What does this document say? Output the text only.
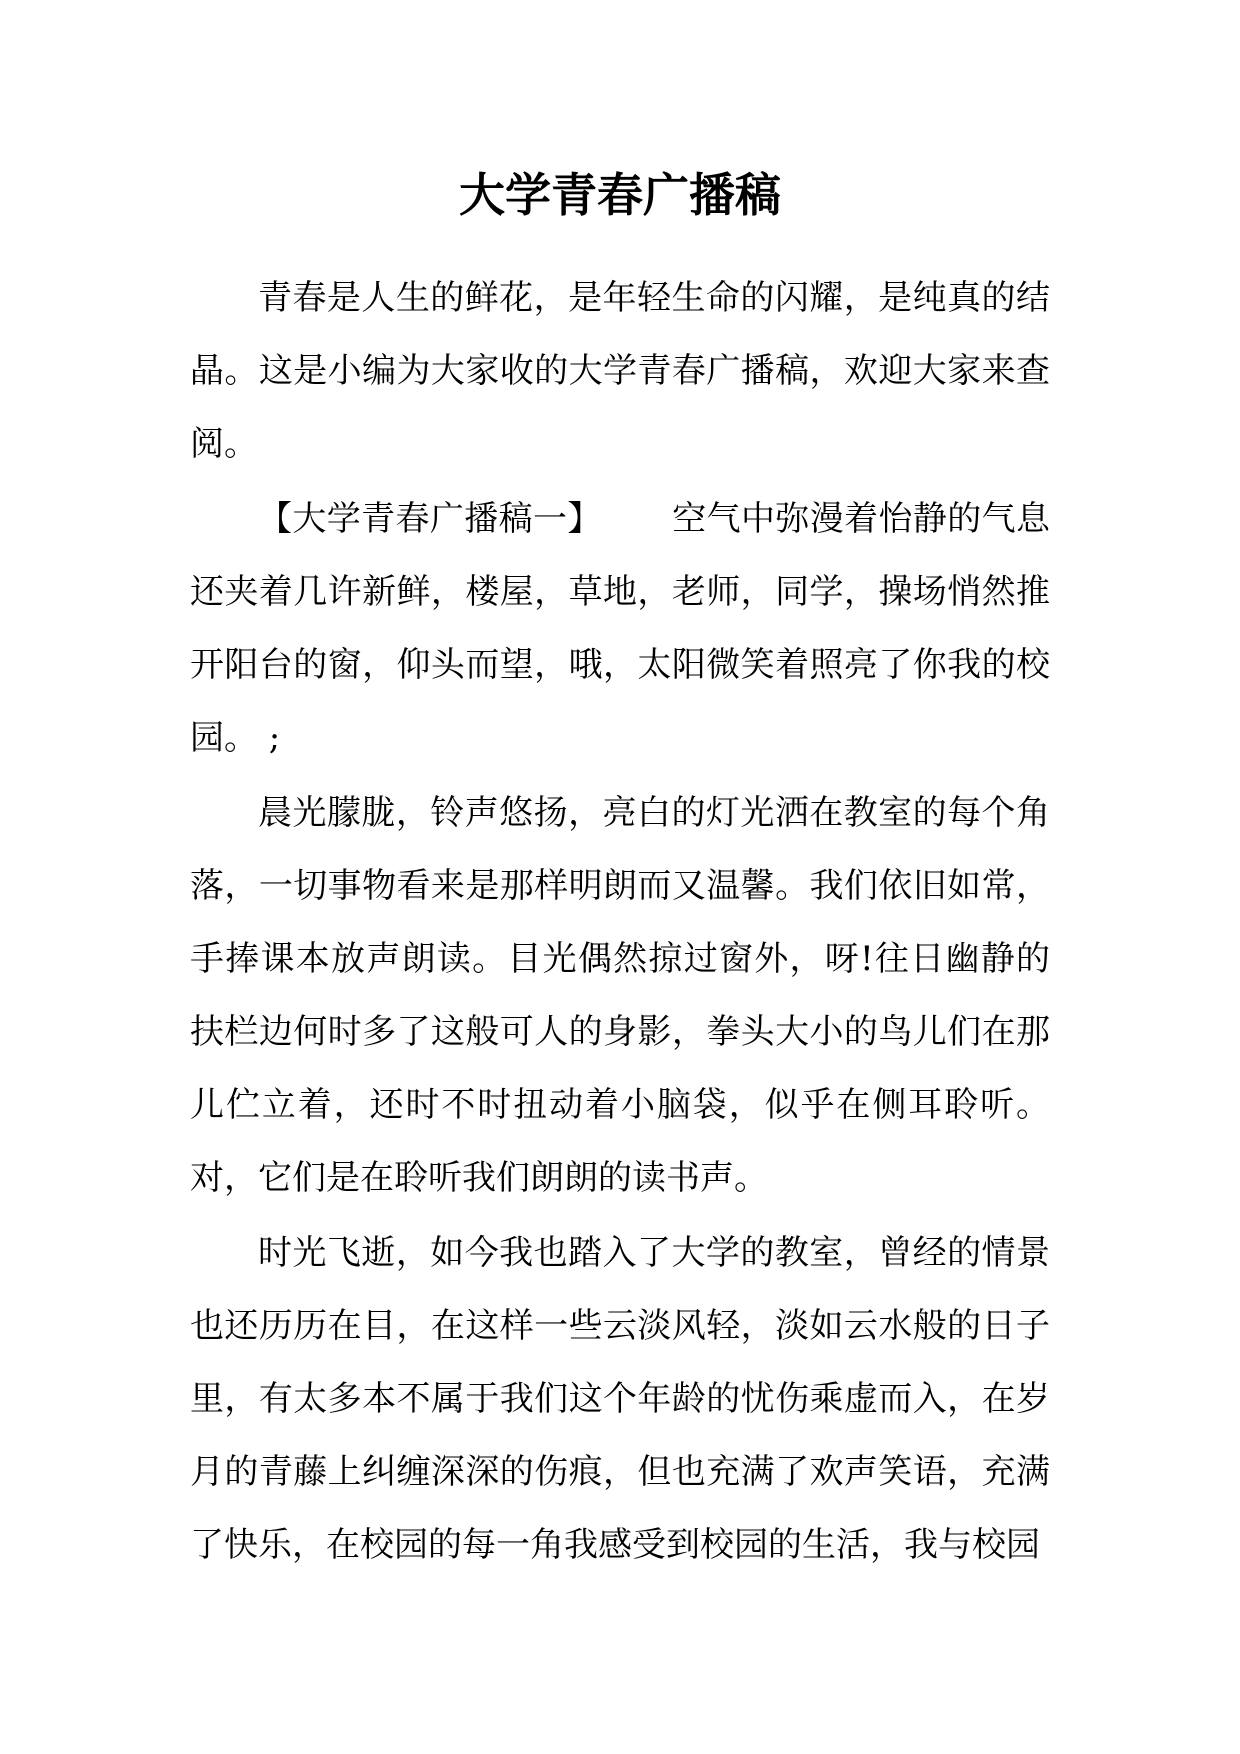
大学青春广播稿

青春是人生的鲜花，是年轻生命的闪耀，是纯真的结晶。这是小编为大家收的大学青春广播稿，欢迎大家来查阅。

【大学青春广播稿一】 空气中弥漫着怡静的气息还夹着几许新鲜，楼屋，草地，老师，同学，操场悄然推开阳台的窗，仰头而望，哦，太阳微笑着照亮了你我的校园。 ;

晨光朦胧，铃声悠扬，亮白的灯光洒在教室的每个角落，一切事物看来是那样明朗而又温馨。我们依旧如常，手捧课本放声朗读。目光偶然掠过窗外，呀!往日幽静的扶栏边何时多了这般可人的身影，拳头大小的鸟儿们在那儿伫立着，还时不时扭动着小脑袋，似乎在侧耳聆听。对，它们是在聆听我们朗朗的读书声。

时光飞逝，如今我也踏入了大学的教室，曾经的情景也还历历在目，在这样一些云淡风轻，淡如云水般的日子里，有太多本不属于我们这个年龄的忧伤乘虚而入，在岁月的青藤上纠缠深深的伤痕，但也充满了欢声笑语，充满了快乐，在校园的每一角我感受到校园的生活，我与校园
